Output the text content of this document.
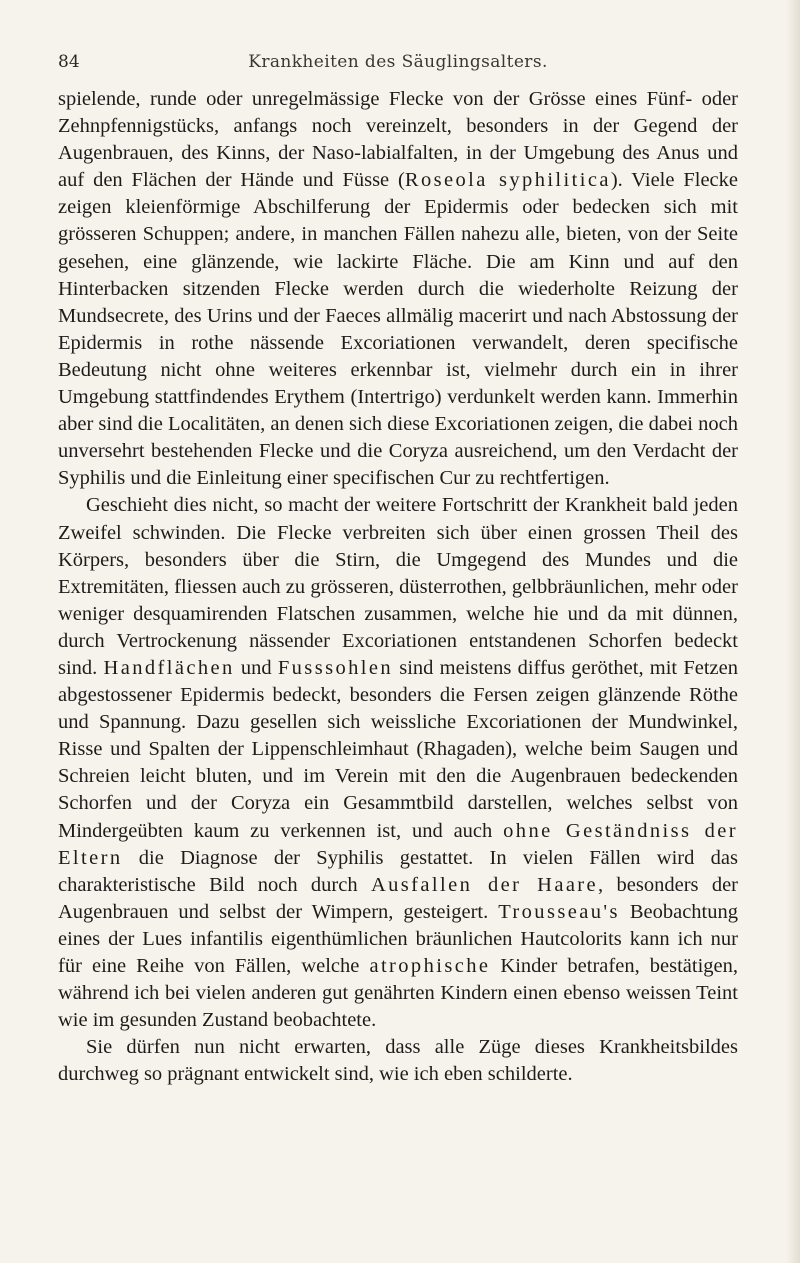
84	Krankheiten des Säuglingsalters.

spielende, runde oder unregelmässige Flecke von der Grösse eines Fünf- oder Zehnpfennigstücks, anfangs noch vereinzelt, besonders in der Gegend der Augenbrauen, des Kinns, der Naso-labialfalten, in der Umgebung des Anus und auf den Flächen der Hände und Füsse (Roseola syphilitica). Viele Flecke zeigen kleienförmige Abschilferung der Epidermis oder bedecken sich mit grösseren Schuppen; andere, in manchen Fällen nahezu alle, bieten, von der Seite gesehen, eine glänzende, wie lackirte Fläche. Die am Kinn und auf den Hinterbacken sitzenden Flecke werden durch die wiederholte Reizung der Mundsecrete, des Urins und der Faeces allmälig macerirt und nach Abstossung der Epidermis in rothe nässende Excoriationen verwandelt, deren specifische Bedeutung nicht ohne weiteres erkennbar ist, vielmehr durch ein in ihrer Umgebung stattfindendes Erythem (Intertrigo) verdunkelt werden kann. Immerhin aber sind die Localitäten, an denen sich diese Excoriationen zeigen, die dabei noch unversehrt bestehenden Flecke und die Coryza ausreichend, um den Verdacht der Syphilis und die Einleitung einer specifischen Cur zu rechtfertigen.

Geschieht dies nicht, so macht der weitere Fortschritt der Krankheit bald jeden Zweifel schwinden. Die Flecke verbreiten sich über einen grossen Theil des Körpers, besonders über die Stirn, die Umgegend des Mundes und die Extremitäten, fliessen auch zu grösseren, düsterrothen, gelbbräunlichen, mehr oder weniger desquamirenden Flatschen zusammen, welche hie und da mit dünnen, durch Vertrockenung nässender Excoriationen entstandenen Schorfen bedeckt sind. Handflächen und Fusssohlen sind meistens diffus geröthet, mit Fetzen abgestossener Epidermis bedeckt, besonders die Fersen zeigen glänzende Röthe und Spannung. Dazu gesellen sich weissliche Excoriationen der Mundwinkel, Risse und Spalten der Lippenschleimhaut (Rhagaden), welche beim Saugen und Schreien leicht bluten, und im Verein mit den die Augenbrauen bedeckenden Schorfen und der Coryza ein Gesammtbild darstellen, welches selbst von Mindergeübten kaum zu verkennen ist, und auch ohne Geständniss der Eltern die Diagnose der Syphilis gestattet. In vielen Fällen wird das charakteristische Bild noch durch Ausfallen der Haare, besonders der Augenbrauen und selbst der Wimpern, gesteigert. Trousseau's Beobachtung eines der Lues infantilis eigenthümlichen bräunlichen Hautcolorits kann ich nur für eine Reihe von Fällen, welche atrophische Kinder betrafen, bestätigen, während ich bei vielen anderen gut genährten Kindern einen ebenso weissen Teint wie im gesunden Zustand beobachtete.

Sie dürfen nun nicht erwarten, dass alle Züge dieses Krankheitsbildes durchweg so prägnant entwickelt sind, wie ich eben schilderte.
